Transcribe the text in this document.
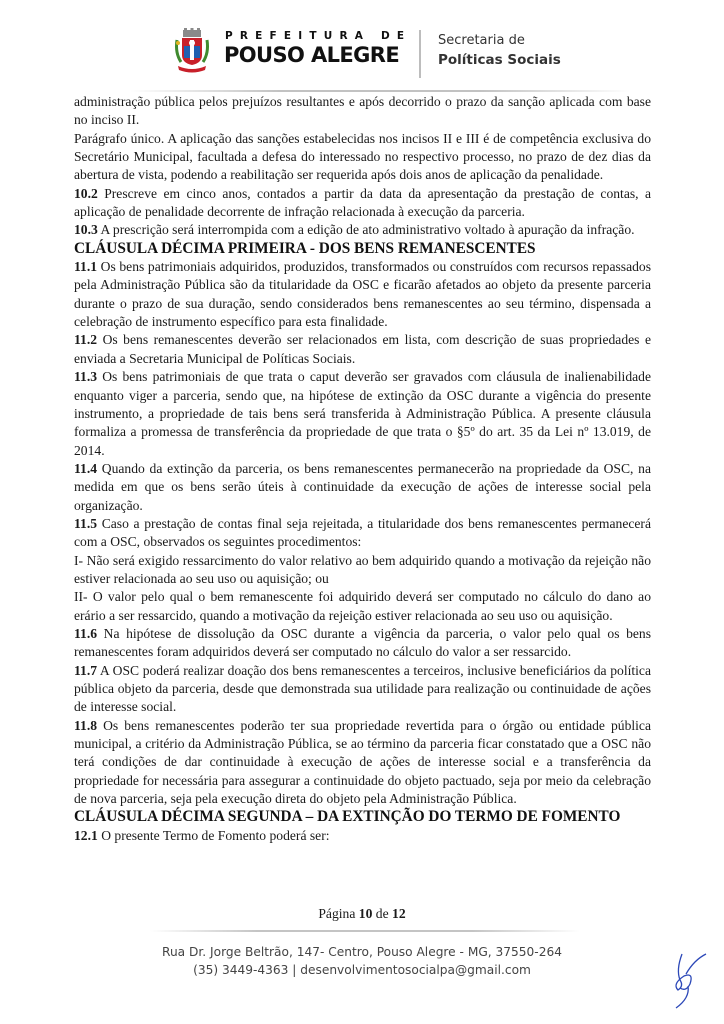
PREFEITURA DE
POUSO ALEGRE
Secretaria de
Políticas Sociais

administração pública pelos prejuízos resultantes e após decorrido o prazo da sanção aplicada com base no inciso II.

Parágrafo único. A aplicação das sanções estabelecidas nos incisos II e III é de competência exclusiva do Secretário Municipal, facultada a defesa do interessado no respectivo processo, no prazo de dez dias da abertura de vista, podendo a reabilitação ser requerida após dois anos de aplicação da penalidade.

10.2 Prescreve em cinco anos, contados a partir da data da apresentação da prestação de contas, a aplicação de penalidade decorrente de infração relacionada à execução da parceria.

10.3 A prescrição será interrompida com a edição de ato administrativo voltado à apuração da infração.

CLÁUSULA DÉCIMA PRIMEIRA - DOS BENS REMANESCENTES

11.1 Os bens patrimoniais adquiridos, produzidos, transformados ou construídos com recursos repassados pela Administração Pública são da titularidade da OSC e ficarão afetados ao objeto da presente parceria durante o prazo de sua duração, sendo considerados bens remanescentes ao seu término, dispensada a celebração de instrumento específico para esta finalidade.

11.2 Os bens remanescentes deverão ser relacionados em lista, com descrição de suas propriedades e enviada a Secretaria Municipal de Políticas Sociais.

11.3 Os bens patrimoniais de que trata o caput deverão ser gravados com cláusula de inalienabilidade enquanto viger a parceria, sendo que, na hipótese de extinção da OSC durante a vigência do presente instrumento, a propriedade de tais bens será transferida à Administração Pública. A presente cláusula formaliza a promessa de transferência da propriedade de que trata o §5º do art. 35 da Lei nº 13.019, de 2014.

11.4 Quando da extinção da parceria, os bens remanescentes permanecerão na propriedade da OSC, na medida em que os bens serão úteis à continuidade da execução de ações de interesse social pela organização.

11.5 Caso a prestação de contas final seja rejeitada, a titularidade dos bens remanescentes permanecerá com a OSC, observados os seguintes procedimentos:

I- Não será exigido ressarcimento do valor relativo ao bem adquirido quando a motivação da rejeição não estiver relacionada ao seu uso ou aquisição; ou

II- O valor pelo qual o bem remanescente foi adquirido deverá ser computado no cálculo do dano ao erário a ser ressarcido, quando a motivação da rejeição estiver relacionada ao seu uso ou aquisição.

11.6 Na hipótese de dissolução da OSC durante a vigência da parceria, o valor pelo qual os bens remanescentes foram adquiridos deverá ser computado no cálculo do valor a ser ressarcido.

11.7 A OSC poderá realizar doação dos bens remanescentes a terceiros, inclusive beneficiários da política pública objeto da parceria, desde que demonstrada sua utilidade para realização ou continuidade de ações de interesse social.

11.8 Os bens remanescentes poderão ter sua propriedade revertida para o órgão ou entidade pública municipal, a critério da Administração Pública, se ao término da parceria ficar constatado que a OSC não terá condições de dar continuidade à execução de ações de interesse social e a transferência da propriedade for necessária para assegurar a continuidade do objeto pactuado, seja por meio da celebração de nova parceria, seja pela execução direta do objeto pela Administração Pública.

CLÁUSULA DÉCIMA SEGUNDA – DA EXTINÇÃO DO TERMO DE FOMENTO

12.1 O presente Termo de Fomento poderá ser:

Página 10 de 12
Rua Dr. Jorge Beltrão, 147- Centro, Pouso Alegre - MG, 37550-264
(35) 3449-4363 | desenvolvimentosocialpa@gmail.com
